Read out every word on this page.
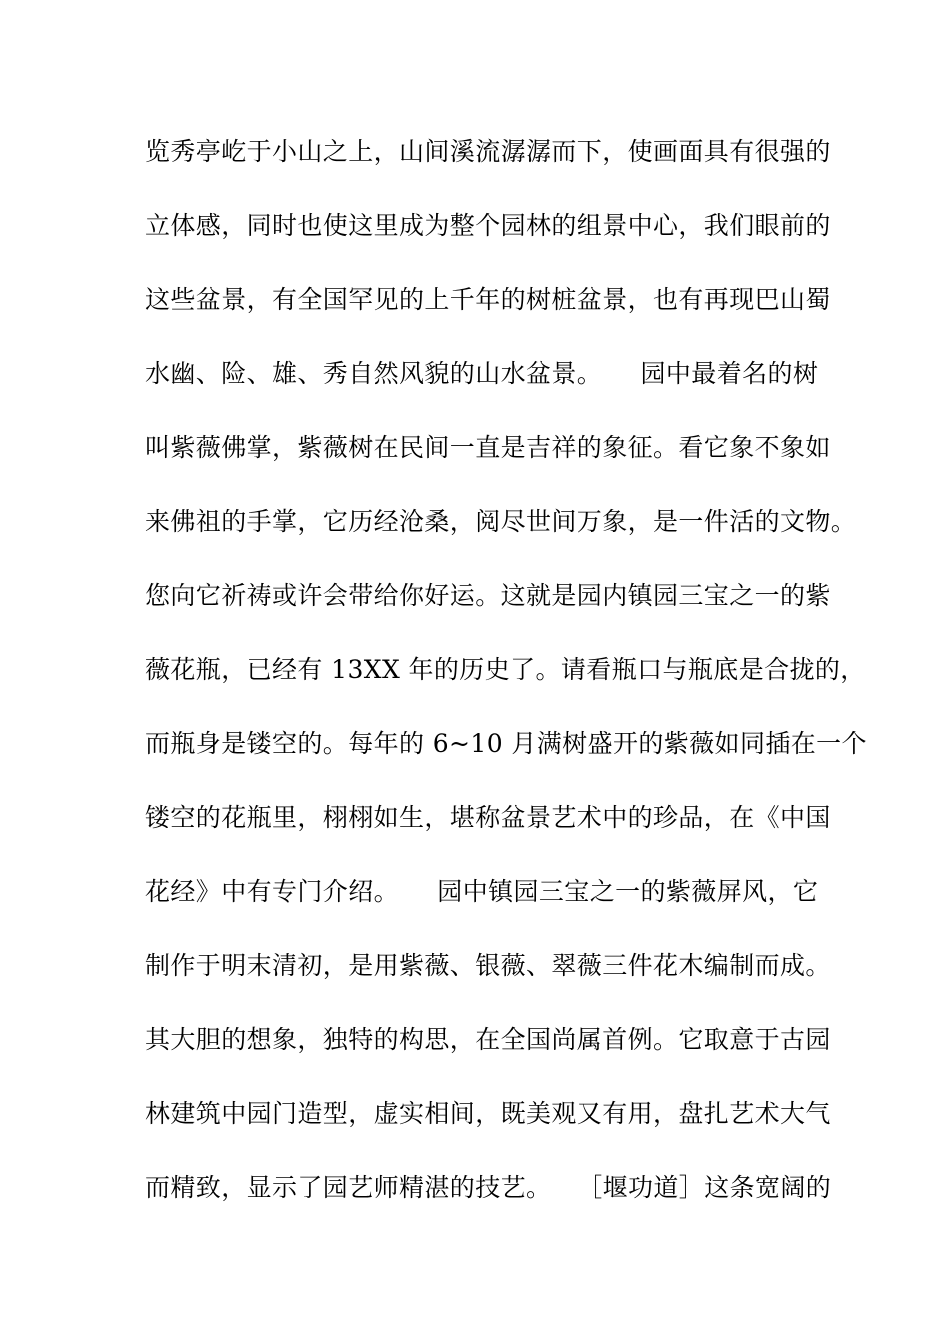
览秀亭屹于小山之上，山间溪流潺潺而下，使画面具有很强的
立体感，同时也使这里成为整个园林的组景中心，我们眼前的
这些盆景，有全国罕见的上千年的树桩盆景，也有再现巴山蜀
水幽、险、雄、秀自然风貌的山水盆景。　　园中最着名的树
叫紫薇佛掌，紫薇树在民间一直是吉祥的象征。看它象不象如
来佛祖的手掌，它历经沧桑，阅尽世间万象，是一件活的文物。
您向它祈祷或许会带给你好运。这就是园内镇园三宝之一的紫
薇花瓶，已经有 13XX 年的历史了。请看瓶口与瓶底是合拢的，
而瓶身是镂空的。每年的 6~10 月满树盛开的紫薇如同插在一个
镂空的花瓶里，栩栩如生，堪称盆景艺术中的珍品，在《中国
花经》中有专门介绍。　　园中镇园三宝之一的紫薇屏风，它
制作于明末清初，是用紫薇、银薇、翠薇三件花木编制而成。
其大胆的想象，独特的构思，在全国尚属首例。它取意于古园
林建筑中园门造型，虚实相间，既美观又有用，盘扎艺术大气
而精致，显示了园艺师精湛的技艺。　　［堰功道］这条宽阔的
